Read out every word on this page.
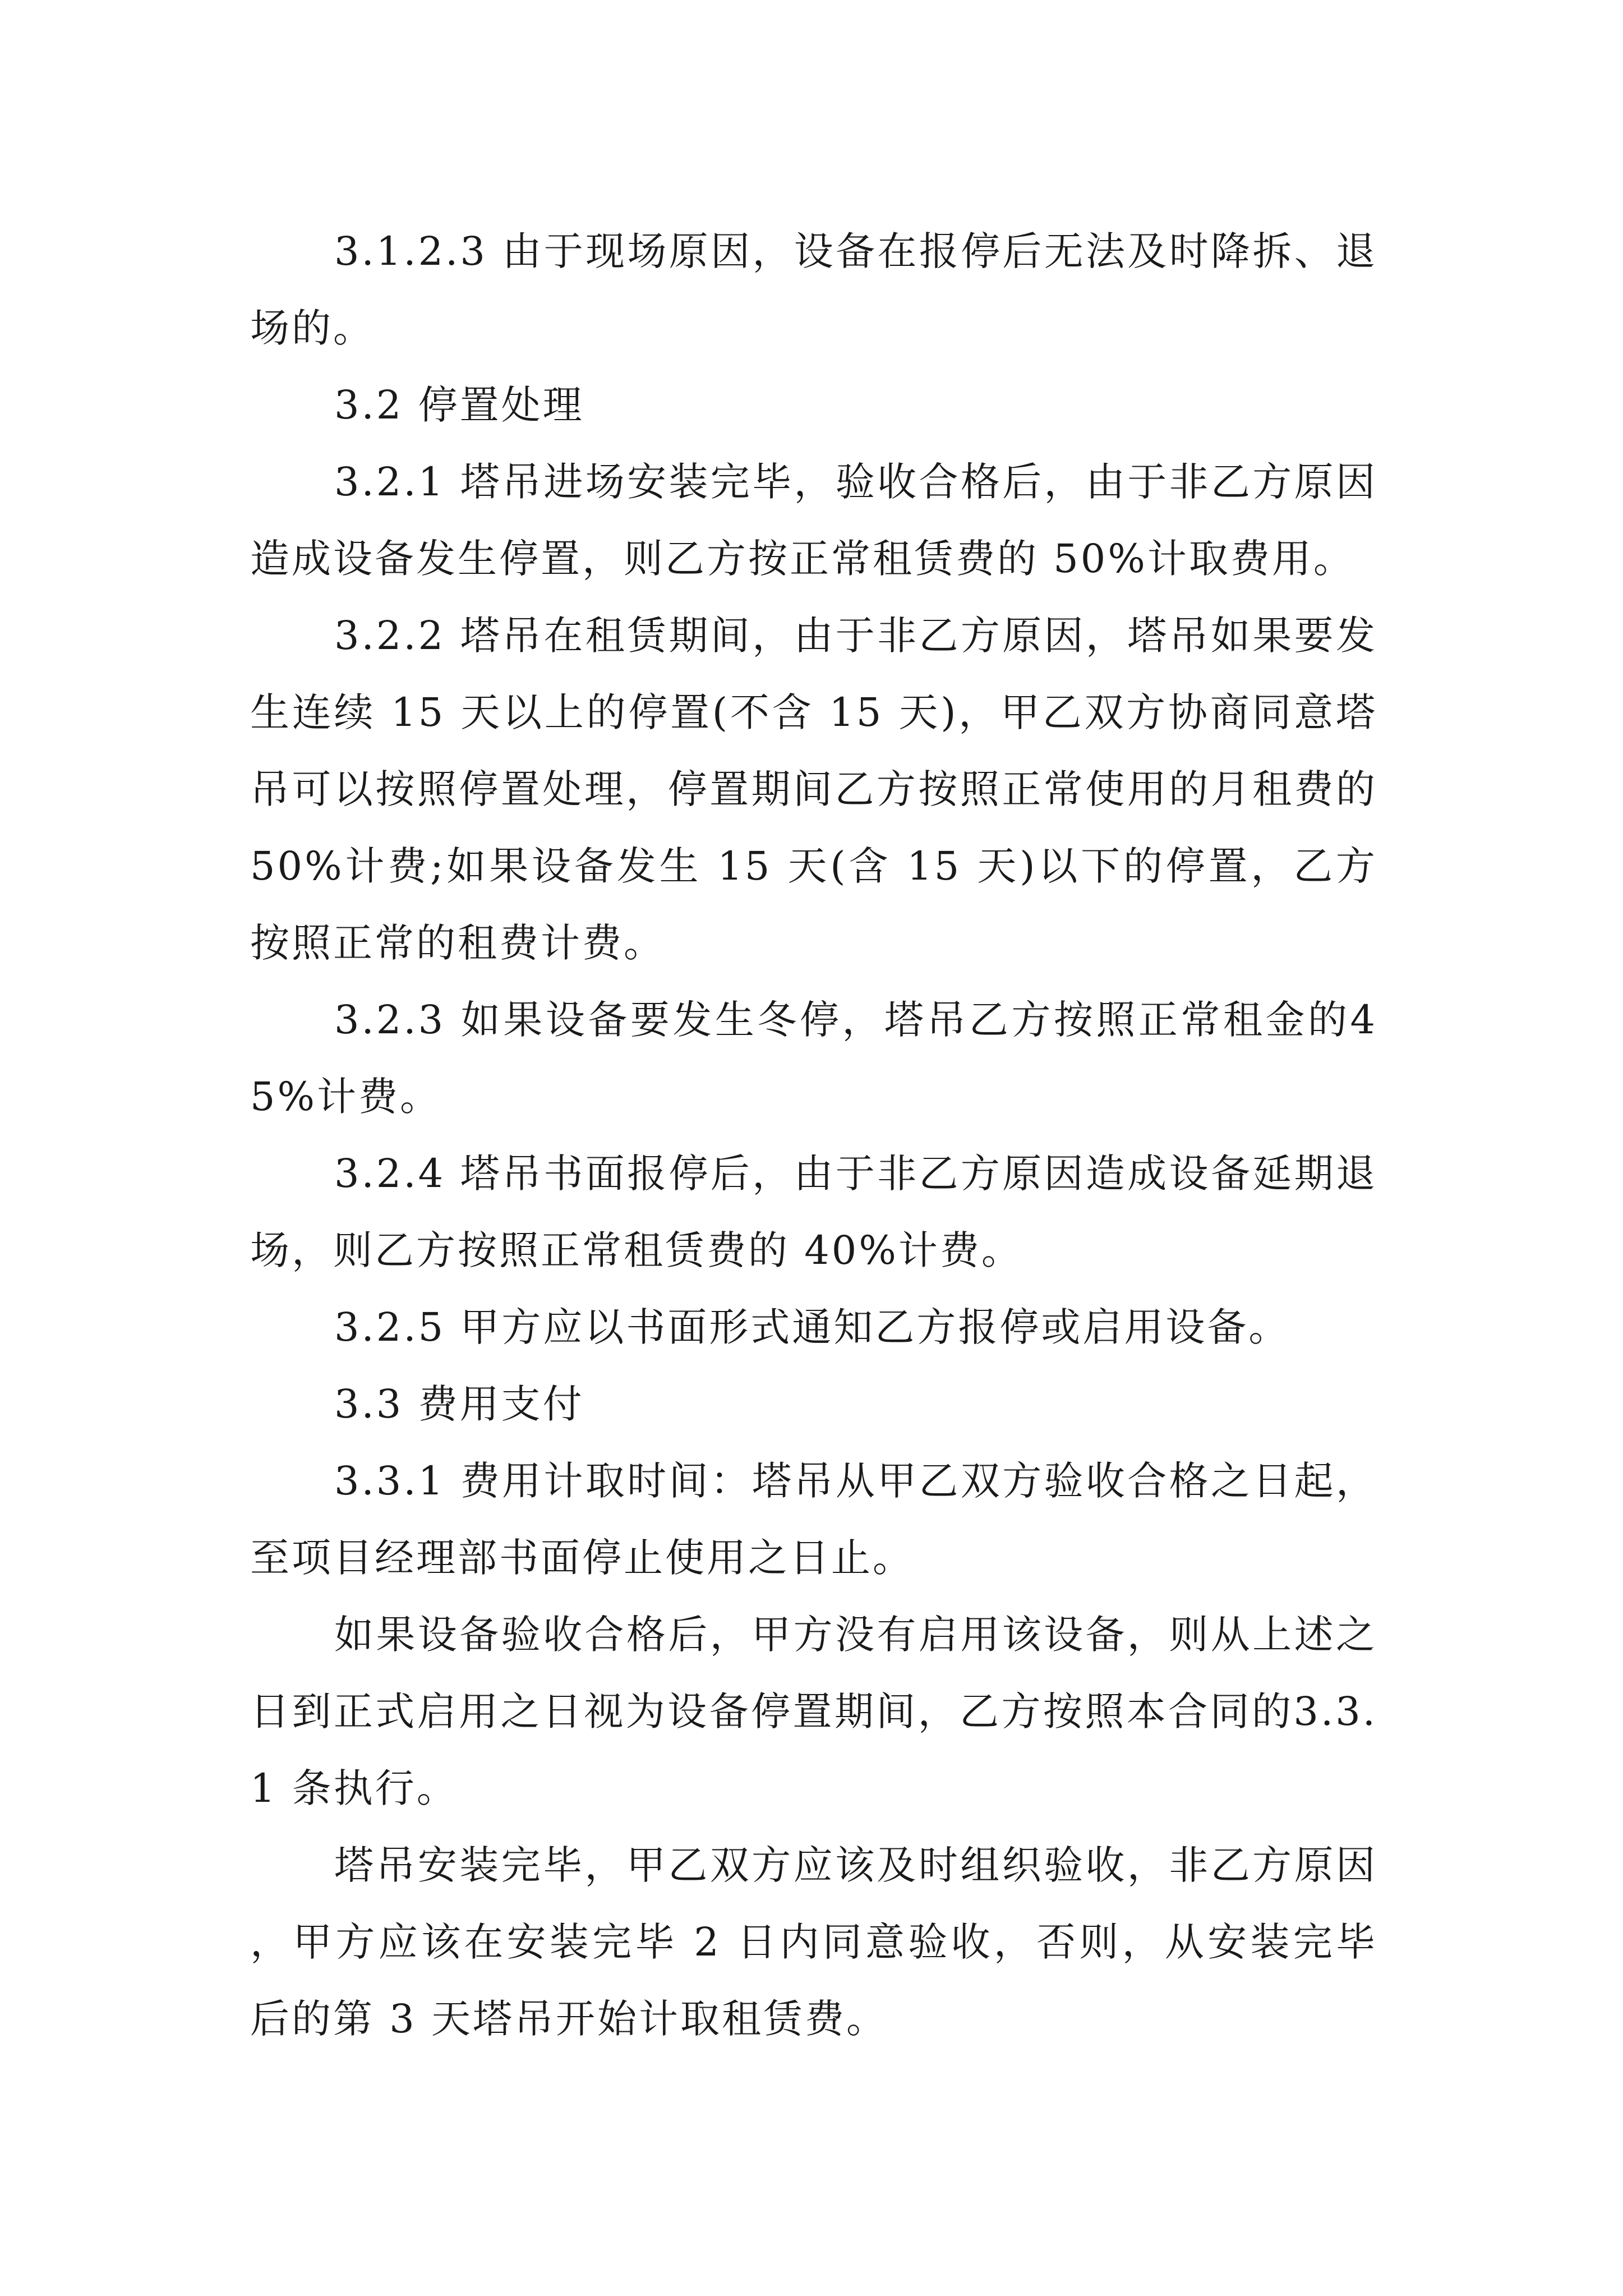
3.1.2.3 由于现场原因，设备在报停后无法及时降拆、退场的。

3.2 停置处理

3.2.1 塔吊进场安装完毕，验收合格后，由于非乙方原因造成设备发生停置，则乙方按正常租赁费的 50%计取费用。

3.2.2 塔吊在租赁期间，由于非乙方原因，塔吊如果要发生连续 15 天以上的停置(不含 15 天)，甲乙双方协商同意塔吊可以按照停置处理，停置期间乙方按照正常使用的月租费的 50%计费;如果设备发生 15 天(含 15 天)以下的停置，乙方按照正常的租费计费。

3.2.3 如果设备要发生冬停，塔吊乙方按照正常租金的45%计费。

3.2.4 塔吊书面报停后，由于非乙方原因造成设备延期退场，则乙方按照正常租赁费的 40%计费。

3.2.5 甲方应以书面形式通知乙方报停或启用设备。

3.3 费用支付

3.3.1 费用计取时间：塔吊从甲乙双方验收合格之日起，至项目经理部书面停止使用之日止。

如果设备验收合格后，甲方没有启用该设备，则从上述之日到正式启用之日视为设备停置期间，乙方按照本合同的3.3.1 条执行。

塔吊安装完毕，甲乙双方应该及时组织验收，非乙方原因，甲方应该在安装完毕 2 日内同意验收，否则，从安装完毕后的第 3 天塔吊开始计取租赁费。
